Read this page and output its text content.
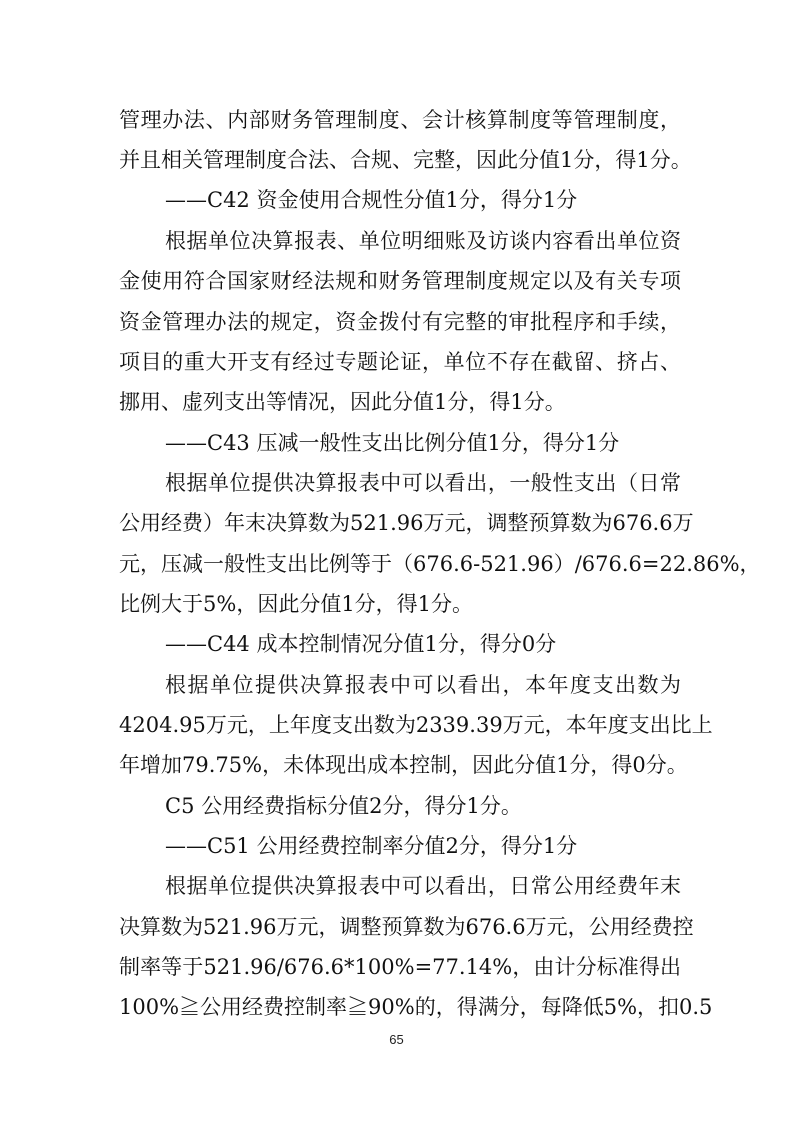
管理办法、内部财务管理制度、会计核算制度等管理制度，
并且相关管理制度合法、合规、完整，因此分值1分，得1分。
——C42 资金使用合规性分值1分，得分1分
根据单位决算报表、单位明细账及访谈内容看出单位资
金使用符合国家财经法规和财务管理制度规定以及有关专项
资金管理办法的规定，资金拨付有完整的审批程序和手续，
项目的重大开支有经过专题论证，单位不存在截留、挤占、
挪用、虚列支出等情况，因此分值1分，得1分。
——C43 压减一般性支出比例分值1分，得分1分
根据单位提供决算报表中可以看出，一般性支出（日常
公用经费）年末决算数为521.96万元，调整预算数为676.6万
元，压减一般性支出比例等于（676.6-521.96）/676.6=22.86%，
比例大于5%，因此分值1分，得1分。
——C44 成本控制情况分值1分，得分0分
根据单位提供决算报表中可以看出，本年度支出数为
4204.95万元，上年度支出数为2339.39万元，本年度支出比上
年增加79.75%，未体现出成本控制，因此分值1分，得0分。
C5 公用经费指标分值2分，得分1分。
——C51 公用经费控制率分值2分，得分1分
根据单位提供决算报表中可以看出，日常公用经费年末
决算数为521.96万元，调整预算数为676.6万元，公用经费控
制率等于521.96/676.6*100%=77.14%，由计分标准得出
100%≧公用经费控制率≧90%的，得满分，每降低5%，扣0.5
65
